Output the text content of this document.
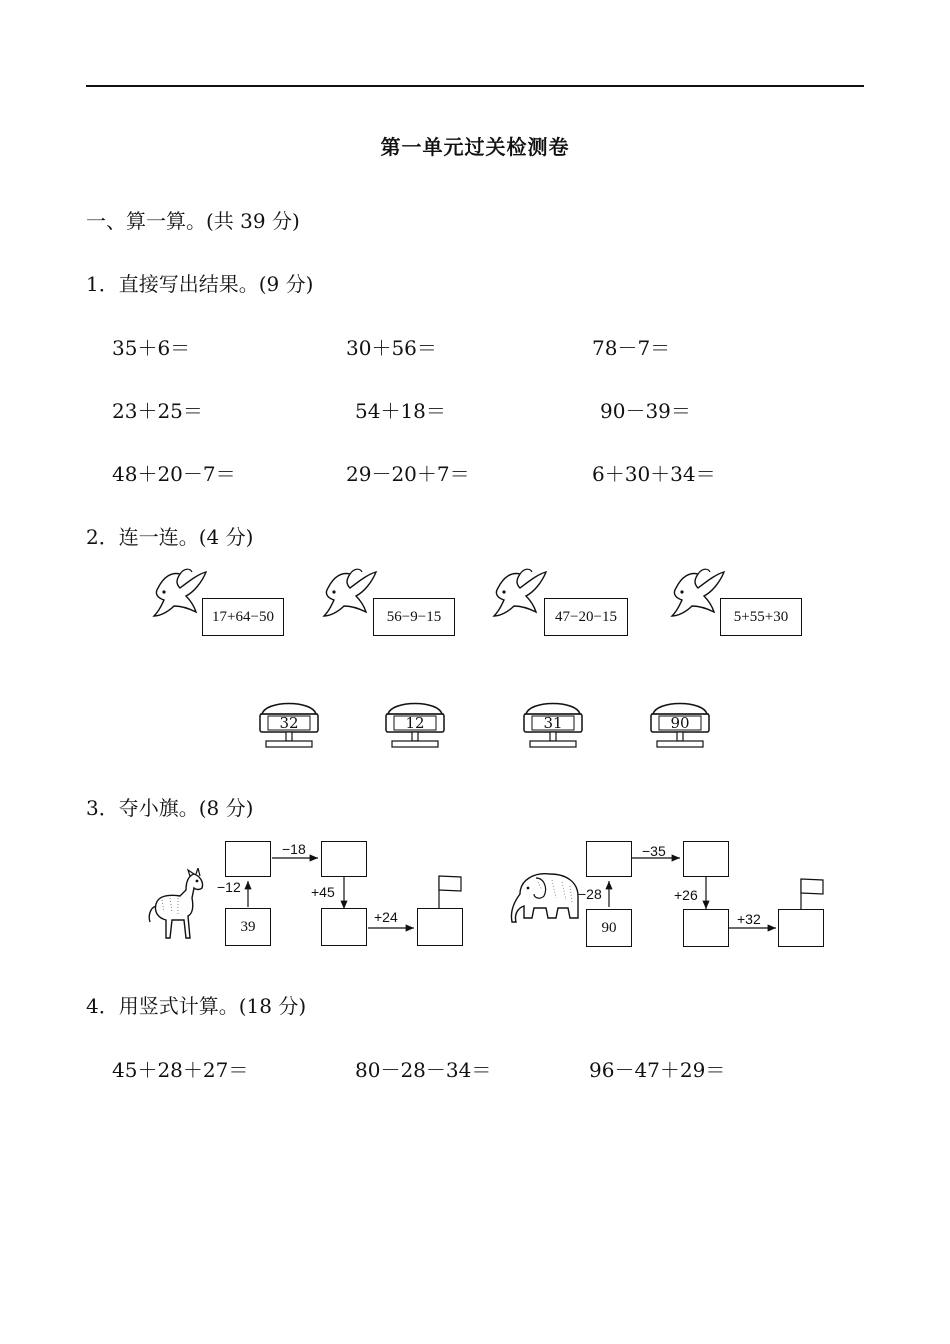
第一单元过关检测卷
一、算一算。(共 39 分)
1．直接写出结果。(9 分)
35＋6＝	30＋56＝	78－7＝
23＋25＝	54＋18＝	90－39＝
48＋20－7＝	29－20＋7＝	6＋30＋34＝
2．连一连。(4 分)
17+64−50	56−9−15	47−20−15	5+55+30
32	12	31	90
3．夺小旗。(8 分)
39
−12
−18
+45
+24
90
−28
−35
+26
+32
4．用竖式计算。(18 分)
45＋28＋27＝	80－28－34＝	96－47＋29＝
